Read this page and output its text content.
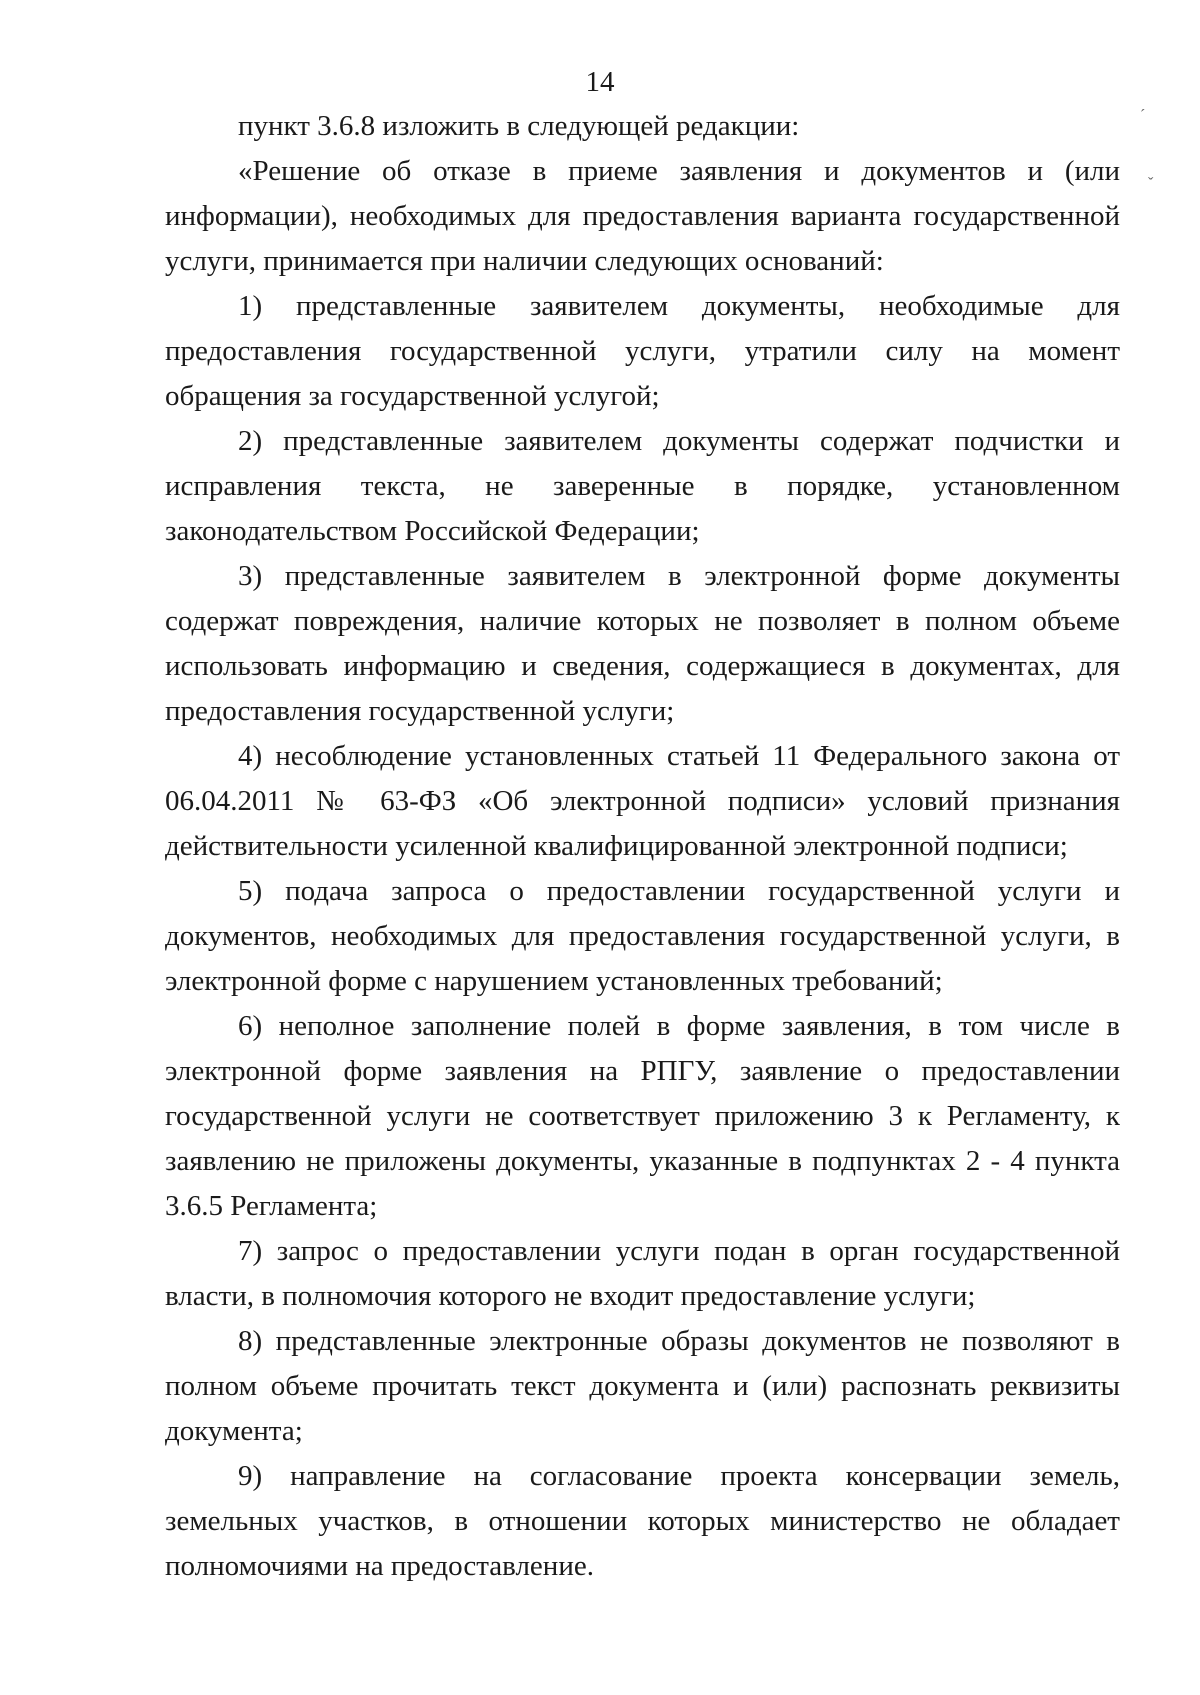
14
ˊ
ˇ

пункт 3.6.8 изложить в следующей редакции:

«Решение об отказе в приеме заявления и документов и (или информации), необходимых для предоставления варианта государственной услуги, принимается при наличии следующих оснований:

1) представленные заявителем документы, необходимые для предоставления государственной услуги, утратили силу на момент обращения за государственной услугой;

2) представленные заявителем документы содержат подчистки и исправления текста, не заверенные в порядке, установленном законодательством Российской Федерации;

3) представленные заявителем в электронной форме документы содержат повреждения, наличие которых не позволяет в полном объеме использовать информацию и сведения, содержащиеся в документах, для предоставления государственной услуги;

4) несоблюдение установленных статьей 11 Федерального закона от 06.04.2011 № 63-ФЗ «Об электронной подписи» условий признания действительности усиленной квалифицированной электронной подписи;

5) подача запроса о предоставлении государственной услуги и документов, необходимых для предоставления государственной услуги, в электронной форме с нарушением установленных требований;

6) неполное заполнение полей в форме заявления, в том числе в электронной форме заявления на РПГУ, заявление о предоставлении государственной услуги не соответствует приложению 3 к Регламенту, к заявлению не приложены документы, указанные в подпунктах 2 - 4 пункта 3.6.5 Регламента;

7) запрос о предоставлении услуги подан в орган государственной власти, в полномочия которого не входит предоставление услуги;

8) представленные электронные образы документов не позволяют в полном объеме прочитать текст документа и (или) распознать реквизиты документа;

9) направление на согласование проекта консервации земель, земельных участков, в отношении которых министерство не обладает полномочиями на предоставление.
